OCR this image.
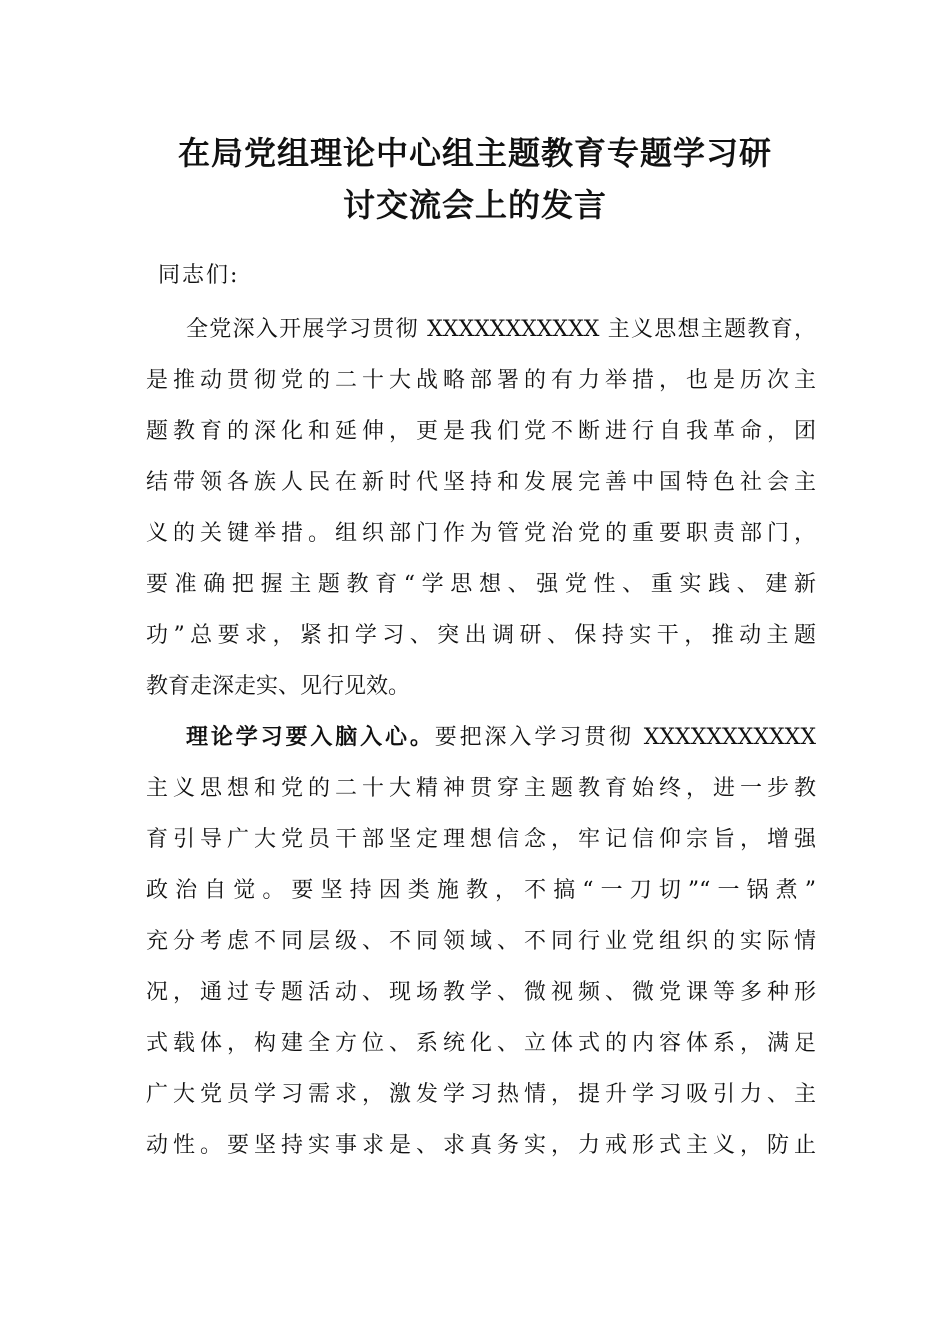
在局党组理论中心组主题教育专题学习研
讨交流会上的发言

同志们:

全党深入开展学习贯彻 XXXXXXXXXXX 主义思想主题教育，
是推动贯彻党的二十大战略部署的有力举措，也是历次主
题教育的深化和延伸，更是我们党不断进行自我革命，团
结带领各族人民在新时代坚持和发展完善中国特色社会主
义的关键举措。组织部门作为管党治党的重要职责部门，
要准确把握主题教育“学思想、强党性、重实践、建新
功”总要求，紧扣学习、突出调研、保持实干，推动主题
教育走深走实、见行见效。
理论学习要入脑入心。要把深入学习贯彻 XXXXXXXXXXX
主义思想和党的二十大精神贯穿主题教育始终，进一步教
育引导广大党员干部坚定理想信念，牢记信仰宗旨，增强
政治自觉。要坚持因类施教，不搞“一刀切”“一锅煮”
充分考虑不同层级、不同领域、不同行业党组织的实际情
况，通过专题活动、现场教学、微视频、微党课等多种形
式载体，构建全方位、系统化、立体式的内容体系，满足
广大党员学习需求，激发学习热情，提升学习吸引力、主
动性。要坚持实事求是、求真务实，力戒形式主义，防止
